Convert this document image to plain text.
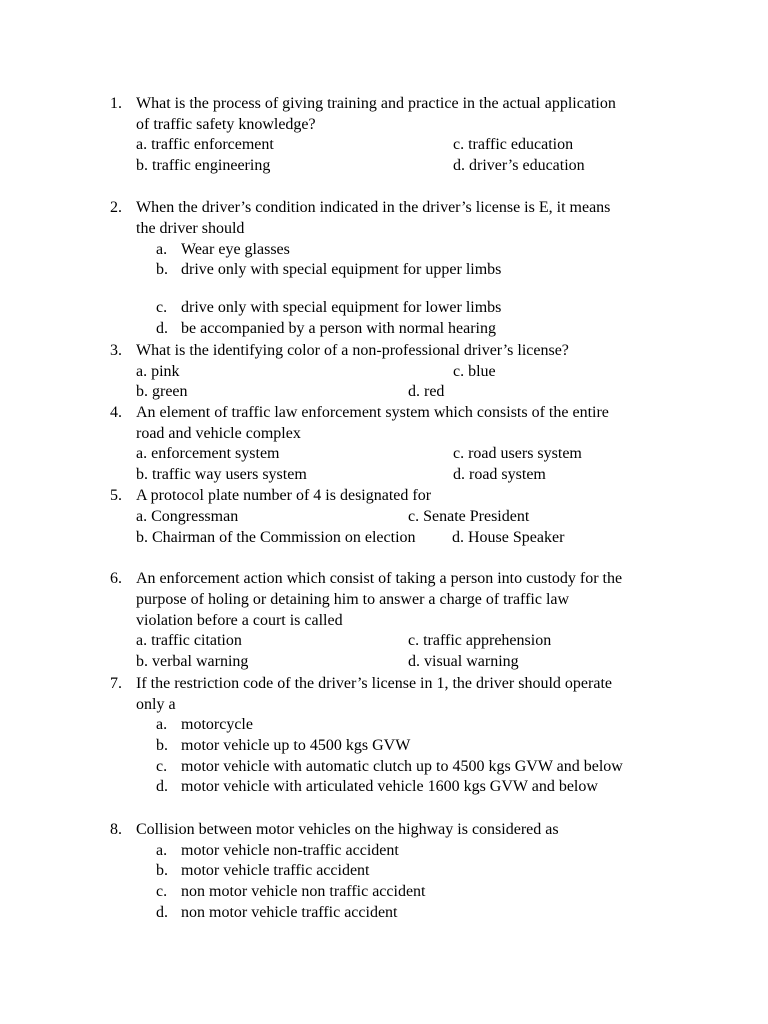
1. What is the process of giving training and practice in the actual application
of traffic safety knowledge?
a. traffic enforcement	c. traffic education
b. traffic engineering	d. driver’s education
2. When the driver’s condition indicated in the driver’s license is E, it means
the driver should
a. Wear eye glasses
b. drive only with special equipment for upper limbs
c. drive only with special equipment for lower limbs
d. be accompanied by a person with normal hearing
3. What is the identifying color of a non-professional driver’s license?
a. pink	c. blue
b. green	d. red
4. An element of traffic law enforcement system which consists of the entire
road and vehicle complex
a. enforcement system	c. road users system
b. traffic way users system	d. road system
5. A protocol plate number of 4 is designated for
a. Congressman	c. Senate President
b. Chairman of the Commission on election d. House Speaker
6. An enforcement action which consist of taking a person into custody for the
purpose of holing or detaining him to answer a charge of traffic law
violation before a court is called
a. traffic citation	c. traffic apprehension
b. verbal warning	d. visual warning
7. If the restriction code of the driver’s license in 1, the driver should operate
only a
a. motorcycle
b. motor vehicle up to 4500 kgs GVW
c. motor vehicle with automatic clutch up to 4500 kgs GVW and below
d. motor vehicle with articulated vehicle 1600 kgs GVW and below
8. Collision between motor vehicles on the highway is considered as
a. motor vehicle non-traffic accident
b. motor vehicle traffic accident
c. non motor vehicle non traffic accident
d. non motor vehicle traffic accident
